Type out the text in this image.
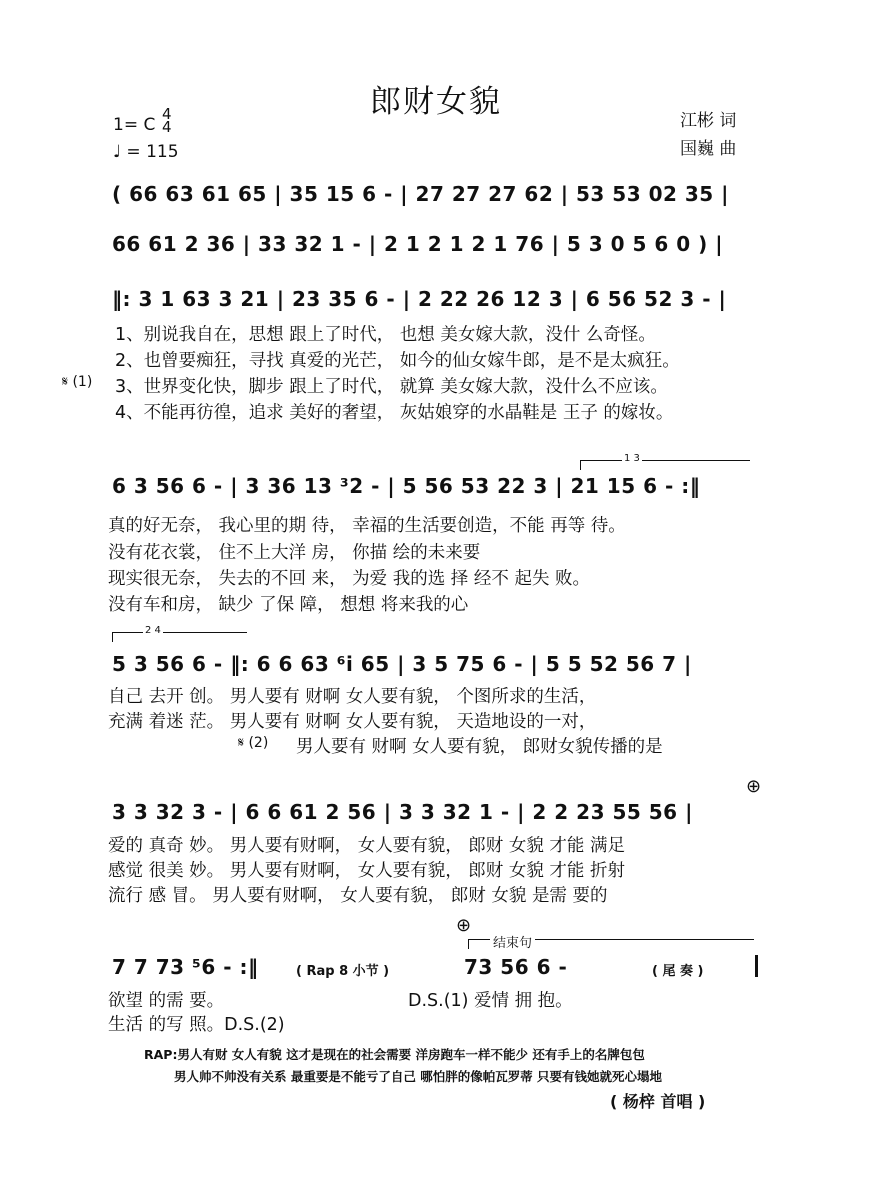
郎财女貌
1= C
4
4
♩ = 115
江彬 词
国巍 曲
( 66 63 61 65 | 35 15 6 - | 27 27 27 62 | 53 53 02 35 |
66 61 2 36 | 33 32 1 - | 2 1 2 1 2 1 76 | 5 3 0 5 6 0 ) |
‖: 3 1 63 3 21 | 23 35 6 - | 2 22 26 12 3 | 6 56 52 3 - |
1、别说我自在，思想 跟上了时代， 也想 美女嫁大款，没什 么奇怪。
2、也曾要痴狂，寻找 真爱的光芒， 如今的仙女嫁牛郎，是不是太疯狂。
𝄋 (1) 3、世界变化快，脚步 跟上了时代， 就算 美女嫁大款，没什么不应该。
4、不能再彷徨，追求 美好的奢望， 灰姑娘穿的水晶鞋是 王子 的嫁妆。
1 3
6 3 56 6 - | 3 36 13 ³2 - | 5 56 53 22 3 | 21 15 6 - :‖
真的好无奈， 我心里的期 待， 幸福的生活要创造，不能 再等 待。
没有花衣裳， 住不上大洋 房， 你描 绘的未来要
现实很无奈， 失去的不回 来， 为爱 我的选 择 经不 起失 败。
没有车和房， 缺少 了保 障， 想想 将来我的心
2 4
5 3 56 6 - ‖: 6 6 63 ⁶i 65 | 3 5 75 6 - | 5 5 52 56 7 |
自己 去开 创。 男人要有 财啊 女人要有貌， 个图所求的生活，
充满 着迷 茫。 男人要有 财啊 女人要有貌， 天造地设的一对，
𝄋 (2) 男人要有 财啊 女人要有貌， 郎财女貌传播的是
⊕
3 3 32 3 - | 6 6 61 2 56 | 3 3 32 1 - | 2 2 23 55 56 |
爱的 真奇 妙。 男人要有财啊， 女人要有貌， 郎财 女貌 才能 满足
感觉 很美 妙。 男人要有财啊， 女人要有貌， 郎财 女貌 才能 折射
流行 感 冒。 男人要有财啊， 女人要有貌， 郎财 女貌 是需 要的
⊕
结束句
7 7 73 ⁵6 - :‖	( Rap 8 小节 )	73 56 6 -	( 尾 奏 )
欲望 的需 要。	D.S.(1) 爱情 拥 抱。
生活 的写 照。D.S.(2)
RAP:男人有财 女人有貌 这才是现在的社会需要 洋房跑车一样不能少 还有手上的名牌包包
男人帅不帅没有关系 最重要是不能亏了自己 哪怕胖的像帕瓦罗蒂 只要有钱她就死心塌地
( 杨梓 首唱 )
